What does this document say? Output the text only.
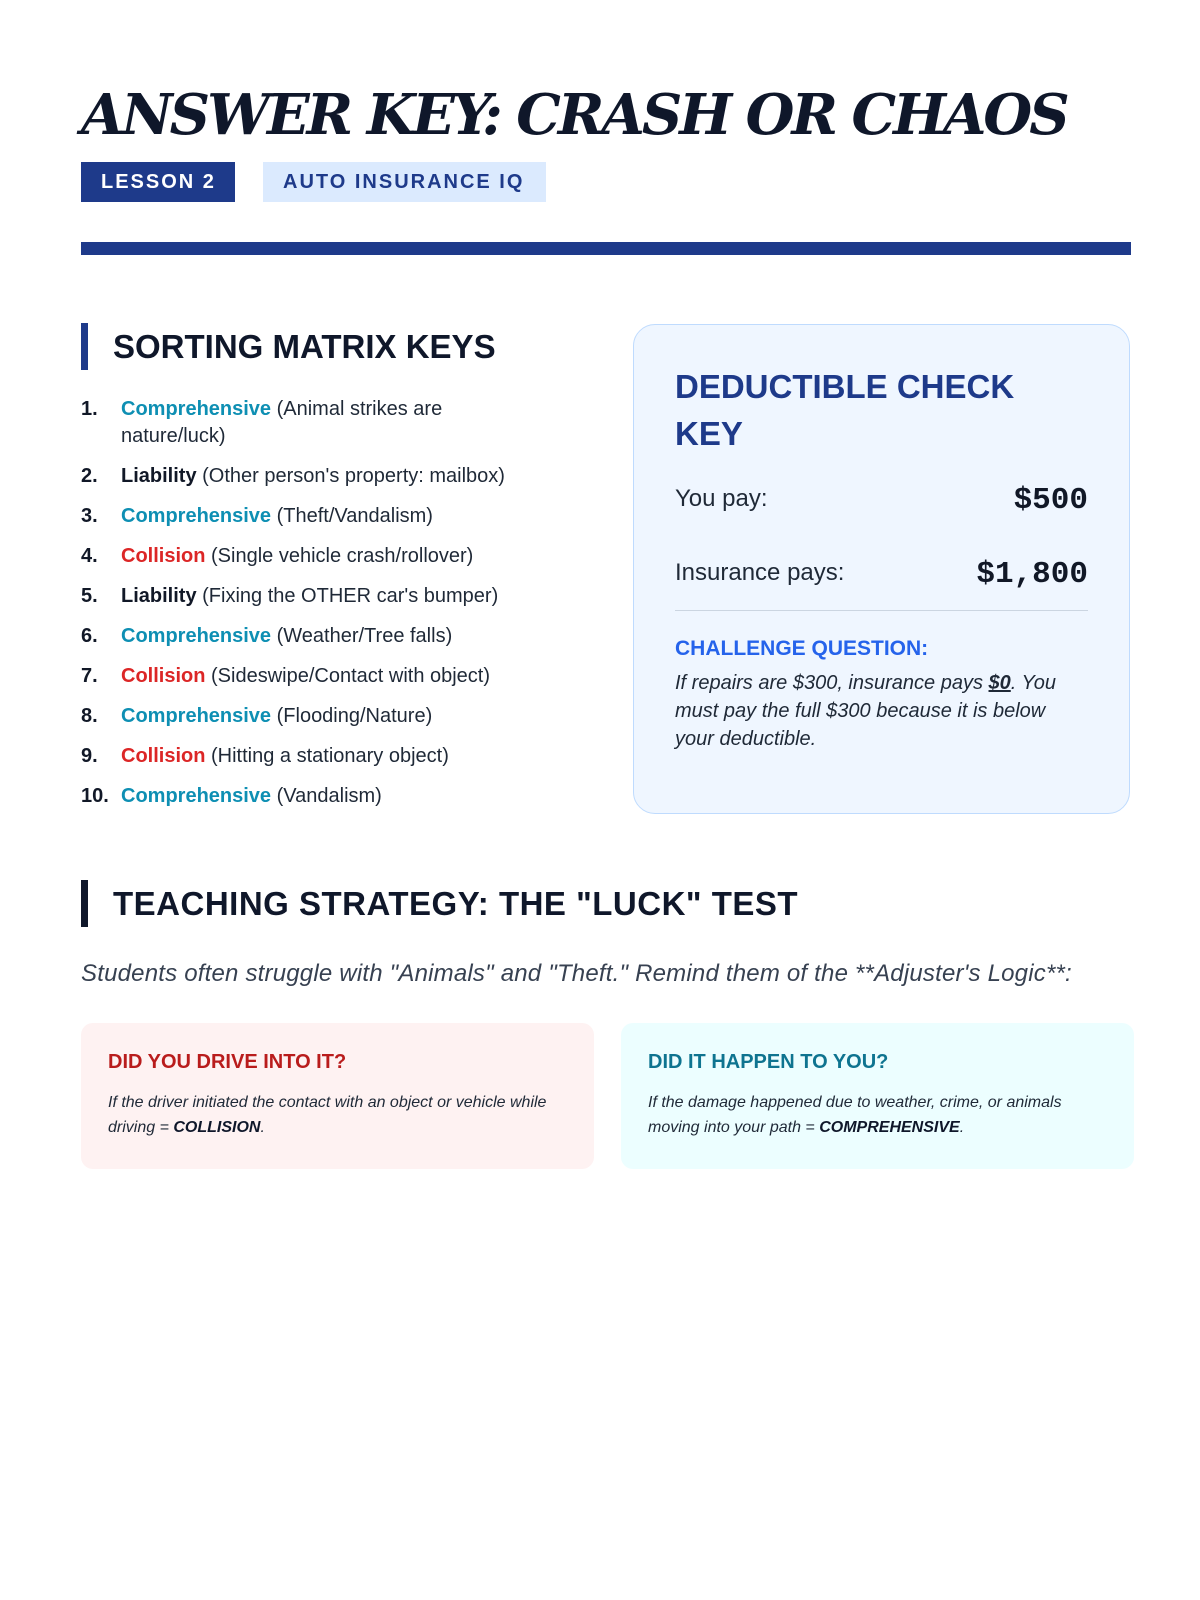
ANSWER KEY: CRASH OR CHAOS
LESSON 2	AUTO INSURANCE IQ
SORTING MATRIX KEYS
1. Comprehensive (Animal strikes are nature/luck)
2. Liability (Other person's property: mailbox)
3. Comprehensive (Theft/Vandalism)
4. Collision (Single vehicle crash/rollover)
5. Liability (Fixing the OTHER car's bumper)
6. Comprehensive (Weather/Tree falls)
7. Collision (Sideswipe/Contact with object)
8. Comprehensive (Flooding/Nature)
9. Collision (Hitting a stationary object)
10. Comprehensive (Vandalism)
DEDUCTIBLE CHECK KEY
You pay:	$500
Insurance pays:	$1,800
CHALLENGE QUESTION:
If repairs are $300, insurance pays $0. You must pay the full $300 because it is below your deductible.
TEACHING STRATEGY: THE "LUCK" TEST

Students often struggle with "Animals" and "Theft." Remind them of the **Adjuster's Logic**:

DID YOU DRIVE INTO IT?
If the driver initiated the contact with an object or vehicle while driving = COLLISION.
DID IT HAPPEN TO YOU?
If the damage happened due to weather, crime, or animals moving into your path = COMPREHENSIVE.
